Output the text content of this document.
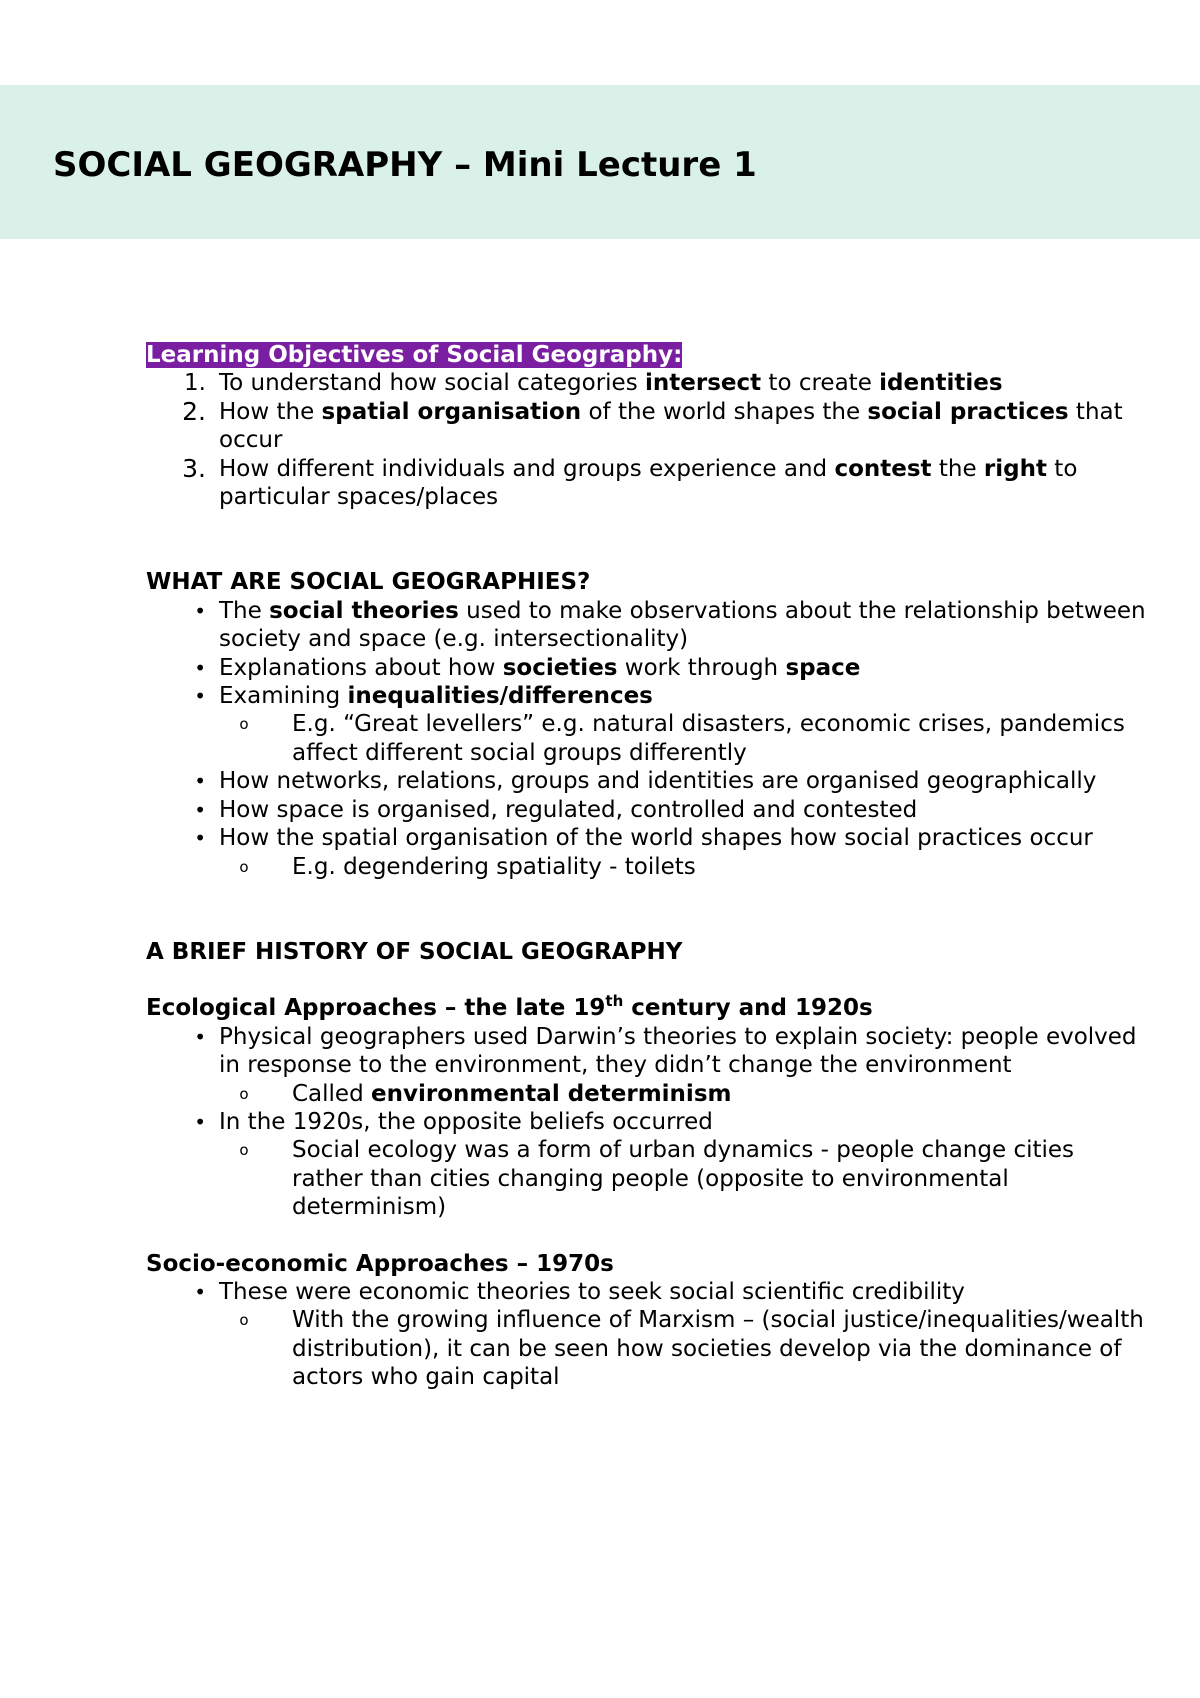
SOCIAL GEOGRAPHY – Mini Lecture 1
Learning Objectives of Social Geography:
1. To understand how social categories intersect to create identities
2. How the spatial organisation of the world shapes the social practices that occur
3. How different individuals and groups experience and contest the right to particular spaces/places
WHAT ARE SOCIAL GEOGRAPHIES?
• The social theories used to make observations about the relationship between society and space (e.g. intersectionality)
• Explanations about how societies work through space
• Examining inequalities/differences
o	E.g. “Great levellers” e.g. natural disasters, economic crises, pandemics affect different social groups differently
• How networks, relations, groups and identities are organised geographically
• How space is organised, regulated, controlled and contested
• How the spatial organisation of the world shapes how social practices occur
o	E.g. degendering spatiality - toilets
A BRIEF HISTORY OF SOCIAL GEOGRAPHY
Ecological Approaches – the late 19th century and 1920s
• Physical geographers used Darwin’s theories to explain society: people evolved in response to the environment, they didn’t change the environment
o	Called environmental determinism
• In the 1920s, the opposite beliefs occurred
o	Social ecology was a form of urban dynamics - people change cities rather than cities changing people (opposite to environmental determinism)
Socio-economic Approaches – 1970s
• These were economic theories to seek social scientific credibility
o	With the growing influence of Marxism – (social justice/inequalities/wealth distribution), it can be seen how societies develop via the dominance of actors who gain capital
